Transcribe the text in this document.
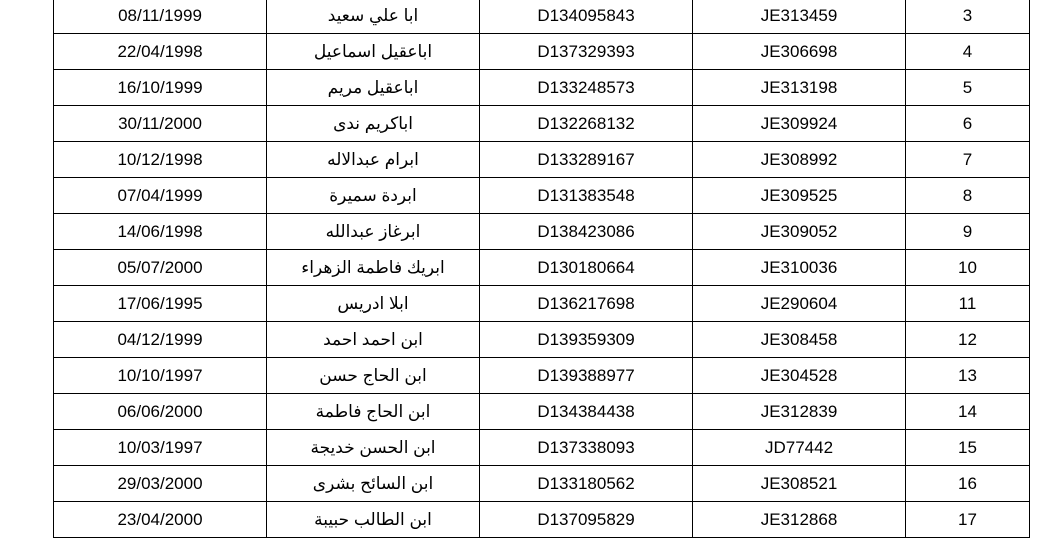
08/11/1999	ابا علي سعيد	D134095843	JE313459	3
22/04/1998	اباعقيل اسماعيل	D137329393	JE306698	4
16/10/1999	اباعقيل مريم	D133248573	JE313198	5
30/11/2000	اباكريم ندى	D132268132	JE309924	6
10/12/1998	ابرام عبدالاله	D133289167	JE308992	7
07/04/1999	ابردة سميرة	D131383548	JE309525	8
14/06/1998	ابرغاز عبدالله	D138423086	JE309052	9
05/07/2000	ابريك فاطمة الزهراء	D130180664	JE310036	10
17/06/1995	ابلا ادريس	D136217698	JE290604	11
04/12/1999	ابن احمد احمد	D139359309	JE308458	12
10/10/1997	ابن الحاج حسن	D139388977	JE304528	13
06/06/2000	ابن الحاج فاطمة	D134384438	JE312839	14
10/03/1997	ابن الحسن خديجة	D137338093	JD77442	15
29/03/2000	ابن السائح بشرى	D133180562	JE308521	16
23/04/2000	ابن الطالب حبيبة	D137095829	JE312868	17
